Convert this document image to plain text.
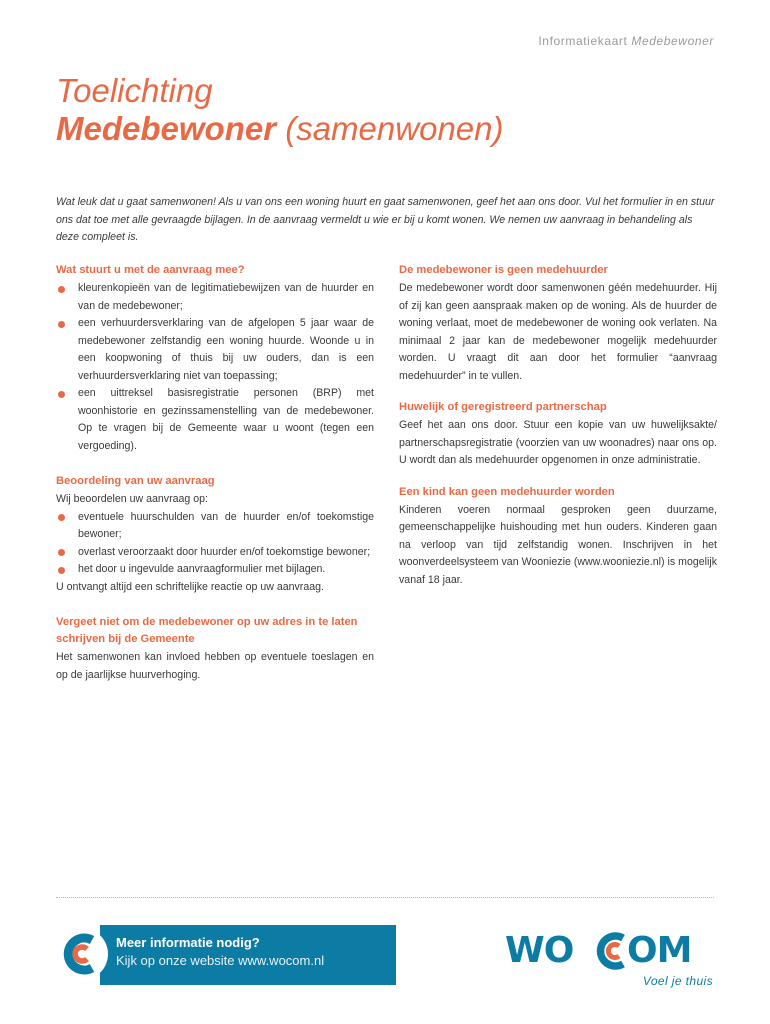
Informatiekaart Medebewoner
Toelichting
Medebewoner (samenwonen)

Wat leuk dat u gaat samenwonen! Als u van ons een woning huurt en gaat samenwonen, geef het aan ons door. Vul het formulier in en stuur ons dat toe met alle gevraagde bijlagen. In de aanvraag vermeldt u wie er bij u komt wonen. We nemen uw aanvraag in behandeling als deze compleet is.

Wat stuurt u met de aanvraag mee?
kleurenkopieën van de legitimatiebewijzen van de huurder en van de medebewoner;
een verhuurdersverklaring van de afgelopen 5 jaar waar de medebewoner zelfstandig een woning huurde. Woonde u in een koopwoning of thuis bij uw ouders, dan is een verhuurdersverklaring niet van toepassing;
een uittreksel basisregistratie personen (BRP) met woonhistorie en gezinssamenstelling van de medebewoner. Op te vragen bij de Gemeente waar u woont (tegen een vergoeding).
Beoordeling van uw aanvraag
Wij beoordelen uw aanvraag op:
eventuele huurschulden van de huurder en/of toekomstige bewoner;
overlast veroorzaakt door huurder en/of toekomstige bewoner;
het door u ingevulde aanvraagformulier met bijlagen.
U ontvangt altijd een schriftelijke reactie op uw aanvraag.
Vergeet niet om de medebewoner op uw adres in te laten schrijven bij de Gemeente
Het samenwonen kan invloed hebben op eventuele toeslagen en op de jaarlijkse huurverhoging.
De medebewoner is geen medehuurder
De medebewoner wordt door samenwonen géén medehuurder. Hij of zij kan geen aanspraak maken op de woning. Als de huurder de woning verlaat, moet de medebewoner de woning ook verlaten. Na minimaal 2 jaar kan de medebewoner mogelijk medehuurder worden. U vraagt dit aan door het formulier “aanvraag medehuurder” in te vullen.
Huwelijk of geregistreerd partnerschap
Geef het aan ons door. Stuur een kopie van uw huwelijksakte/ partnerschapsregistratie (voorzien van uw woonadres) naar ons op. U wordt dan als medehuurder opgenomen in onze administratie.
Een kind kan geen medehuurder worden
Kinderen voeren normaal gesproken geen duurzame, gemeenschappelijke huishouding met hun ouders. Kinderen gaan na verloop van tijd zelfstandig wonen. Inschrijven in het woonverdeelsysteem van Wooniezie (www.wooniezie.nl) is mogelijk vanaf 18 jaar.
Meer informatie nodig?
Kijk op onze website www.wocom.nl	WO OM
Voel je thuis
